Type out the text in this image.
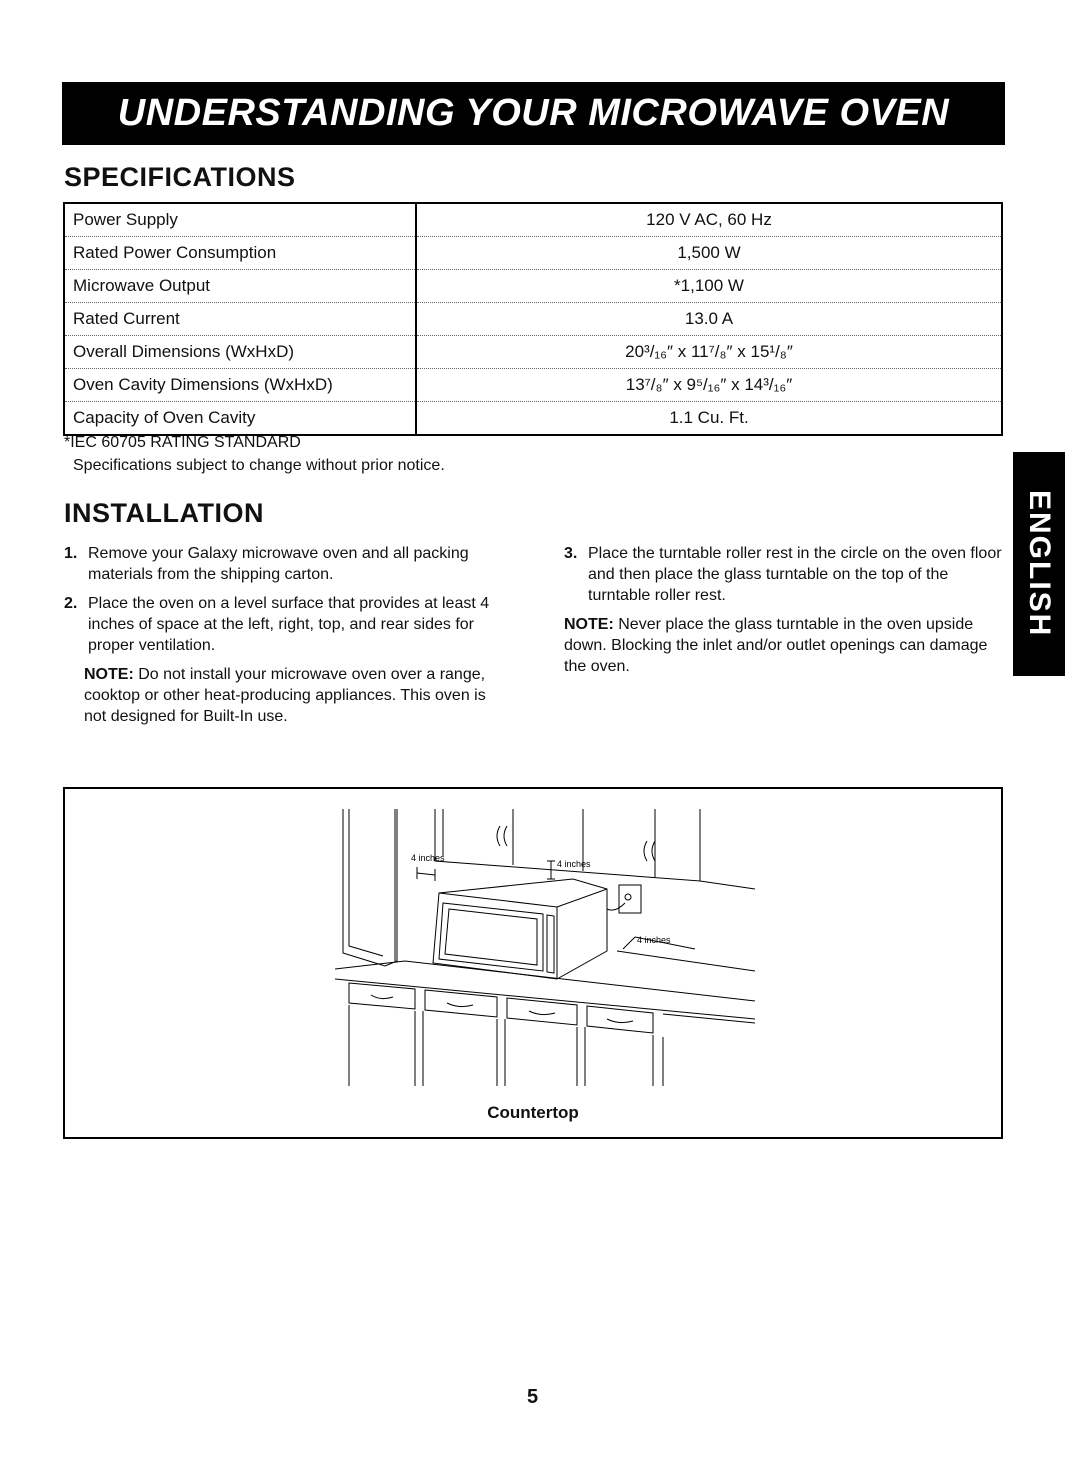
UNDERSTANDING YOUR MICROWAVE OVEN
SPECIFICATIONS
Power Supply	120 V AC, 60 Hz
Rated Power Consumption	1,500 W
Microwave Output	*1,100 W
Rated Current	13.0 A
Overall Dimensions (WxHxD)	20³/₁₆″ x 11⁷/₈″ x 15¹/₈″
Oven Cavity Dimensions (WxHxD)	13⁷/₈″ x 9⁵/₁₆″ x 14³/₁₆″
Capacity of Oven Cavity	1.1 Cu. Ft.
*IEC 60705 RATING STANDARD
Specifications subject to change without prior notice.
INSTALLATION

1. Remove your Galaxy microwave oven and all packing materials from the shipping carton.

2. Place the oven on a level surface that provides at least 4 inches of space at the left, right, top, and rear sides for proper ventilation.

NOTE: Do not install your microwave oven over a range, cooktop or other heat-producing appliances. This oven is not designed for Built-In use.

3. Place the turntable roller rest in the circle on the oven floor and then place the glass turntable on the top of the turntable roller rest.

NOTE: Never place the glass turntable in the oven upside down. Blocking the inlet and/or outlet openings can damage the oven.

ENGLISH
4 inches
4 inches
4 inches
Countertop
5
